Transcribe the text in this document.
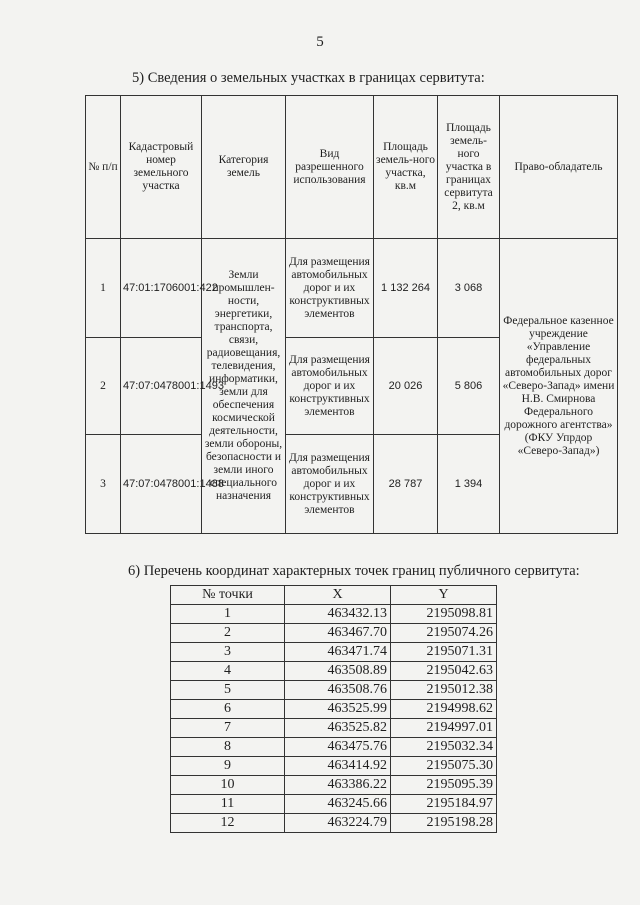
5
5) Сведения о земельных участках в границах сервитута:
№ п/п	Кадастровый номер земельного участка	Категория земель	Вид разрешенного использования	Площадь земель-ного участка, кв.м	Площадь земель-ного участка в границах сервитута 2, кв.м	Право-обладатель
1	47:01:1706001:422	Земли промышлен-ности, энергетики, транспорта, связи, радиовещания, телевидения, информатики, земли для обеспечения космической деятельности, земли обороны, безопасности и земли иного специального назначения	Для размещения автомобильных дорог и их конструктивных элементов	1 132 264	3 068	Федеральное казенное учреждение «Управление федеральных автомобильных дорог «Северо-Запад» имени Н.В. Смирнова Федерального дорожного агентства» (ФКУ Упрдор «Северо-Запад»)
2	47:07:0478001:1493		Для размещения автомобильных дорог и их конструктивных элементов	20 026	5 806	
3	47:07:0478001:1488		Для размещения автомобильных дорог и их конструктивных элементов	28 787	1 394	
6) Перечень координат характерных точек границ публичного сервитута:
№ точки	X	Y
1	463432.13	2195098.81
2	463467.70	2195074.26
3	463471.74	2195071.31
4	463508.89	2195042.63
5	463508.76	2195012.38
6	463525.99	2194998.62
7	463525.82	2194997.01
8	463475.76	2195032.34
9	463414.92	2195075.30
10	463386.22	2195095.39
11	463245.66	2195184.97
12	463224.79	2195198.28
